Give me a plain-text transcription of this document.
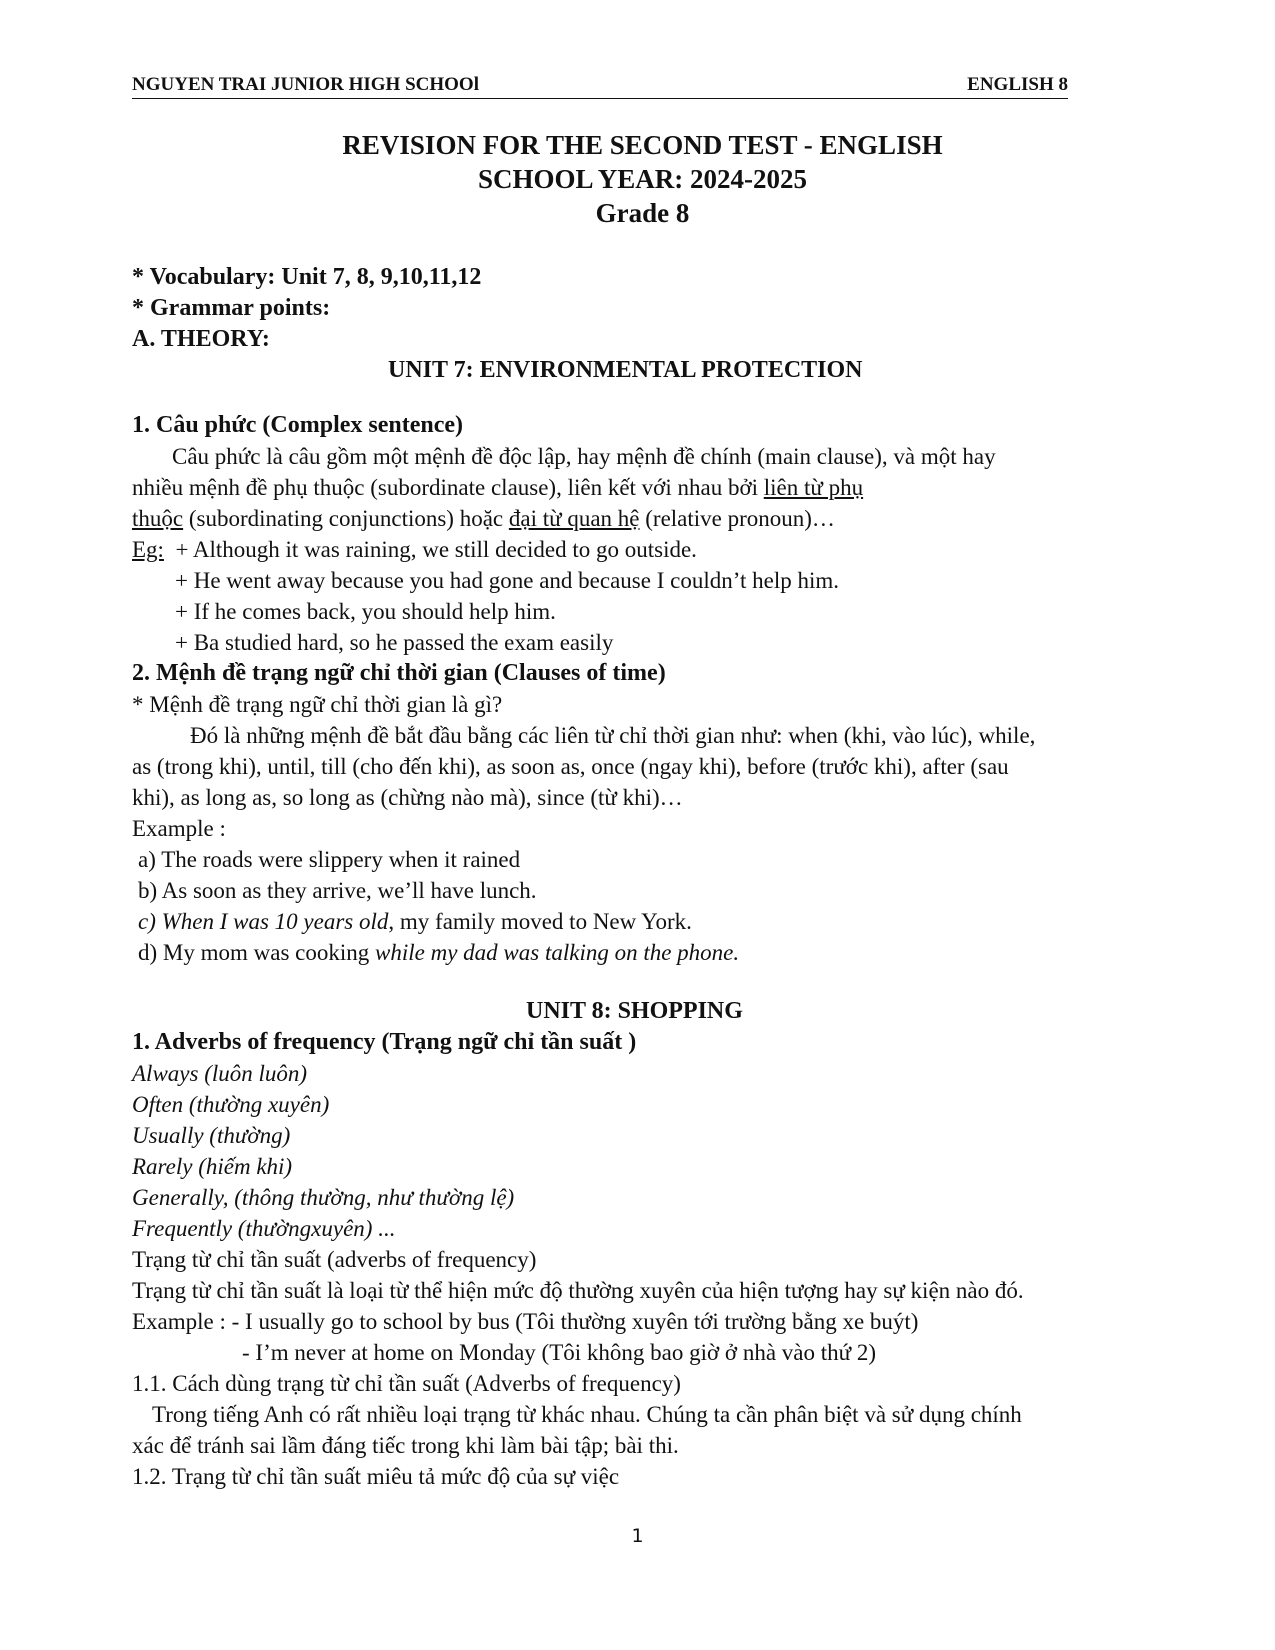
NGUYEN TRAI JUNIOR HIGH SCHOOl	ENGLISH 8
REVISION FOR THE SECOND TEST - ENGLISH
SCHOOL YEAR: 2024-2025
Grade 8
* Vocabulary: Unit 7, 8, 9,10,11,12
* Grammar points:
A. THEORY:
UNIT 7: ENVIRONMENTAL PROTECTION
1. Câu phức (Complex sentence)
Câu phức là câu gồm một mệnh đề độc lập, hay mệnh đề chính (main clause), và một hay
nhiều mệnh đề phụ thuộc (subordinate clause), liên kết với nhau bởi liên từ phụ
thuộc (subordinating conjunctions) hoặc đại từ quan hệ (relative pronoun)…
Eg: + Although it was raining, we still decided to go outside.
+ He went away because you had gone and because I couldn’t help him.
+ If he comes back, you should help him.
+ Ba studied hard, so he passed the exam easily
2. Mệnh đề trạng ngữ chỉ thời gian (Clauses of time)
* Mệnh đề trạng ngữ chỉ thời gian là gì?
Đó là những mệnh đề bắt đầu bằng các liên từ chỉ thời gian như: when (khi, vào lúc), while,
as (trong khi), until, till (cho đến khi), as soon as, once (ngay khi), before (trước khi), after (sau
khi), as long as, so long as (chừng nào mà), since (từ khi)…
Example :
a) The roads were slippery when it rained
b) As soon as they arrive, we’ll have lunch.
c) When I was 10 years old, my family moved to New York.
d) My mom was cooking while my dad was talking on the phone.
UNIT 8: SHOPPING
1. Adverbs of frequency (Trạng ngữ chỉ tần suất )
Always (luôn luôn)
Often (thường xuyên)
Usually (thường)
Rarely (hiếm khi)
Generally, (thông thường, như thường lệ)
Frequently (thườngxuyên) ...
Trạng từ chỉ tần suất (adverbs of frequency)
Trạng từ chỉ tần suất là loại từ thể hiện mức độ thường xuyên của hiện tượng hay sự kiện nào đó.
Example : - I usually go to school by bus (Tôi thường xuyên tới trường bằng xe buýt)
- I’m never at home on Monday (Tôi không bao giờ ở nhà vào thứ 2)
1.1. Cách dùng trạng từ chỉ tần suất (Adverbs of frequency)
Trong tiếng Anh có rất nhiều loại trạng từ khác nhau. Chúng ta cần phân biệt và sử dụng chính
xác để tránh sai lầm đáng tiếc trong khi làm bài tập; bài thi.
1.2. Trạng từ chỉ tần suất miêu tả mức độ của sự việc
1
